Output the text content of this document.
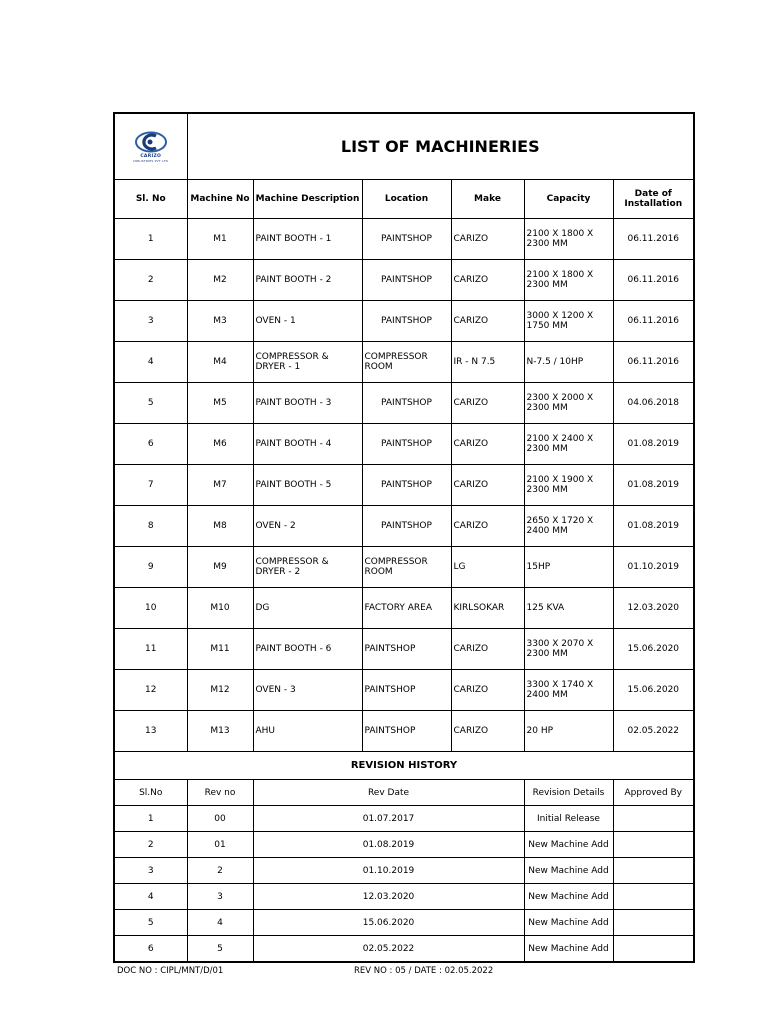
CARIZO
INDUSTRIES PVT LTD	LIST OF MACHINERIES					
Sl. No	Machine No	Machine Description	Location	Make	Capacity	Date of Installation
1	M1	PAINT BOOTH - 1	PAINTSHOP	CARIZO	2100 X 1800 X 2300 MM	06.11.2016
2	M2	PAINT BOOTH - 2	PAINTSHOP	CARIZO	2100 X 1800 X 2300 MM	06.11.2016
3	M3	OVEN - 1	PAINTSHOP	CARIZO	3000 X 1200 X 1750 MM	06.11.2016
4	M4	COMPRESSOR & DRYER - 1	COMPRESSOR ROOM	IR - N 7.5	N-7.5 / 10HP	06.11.2016
5	M5	PAINT BOOTH - 3	PAINTSHOP	CARIZO	2300 X 2000 X 2300 MM	04.06.2018
6	M6	PAINT BOOTH - 4	PAINTSHOP	CARIZO	2100 X 2400 X 2300 MM	01.08.2019
7	M7	PAINT BOOTH - 5	PAINTSHOP	CARIZO	2100 X 1900 X 2300 MM	01.08.2019
8	M8	OVEN - 2	PAINTSHOP	CARIZO	2650 X 1720 X 2400 MM	01.08.2019
9	M9	COMPRESSOR & DRYER - 2	COMPRESSOR ROOM	LG	15HP	01.10.2019
10	M10	DG	FACTORY AREA	KIRLSOKAR	125 KVA	12.03.2020
11	M11	PAINT BOOTH - 6	PAINTSHOP	CARIZO	3300 X 2070 X 2300 MM	15.06.2020
12	M12	OVEN - 3	PAINTSHOP	CARIZO	3300 X 1740 X 2400 MM	15.06.2020
13	M13	AHU	PAINTSHOP	CARIZO	20 HP	02.05.2022
REVISION HISTORY						
Sl.No	Rev no	Rev Date			Revision Details	Approved By
1	00	01.07.2017			Initial Release	
2	01	01.08.2019			New Machine Add	
3	2	01.10.2019			New Machine Add	
4	3	12.03.2020			New Machine Add	
5	4	15.06.2020			New Machine Add	
6	5	02.05.2022			New Machine Add	
DOC NO : CIPL/MNT/D/01	REV NO : 05 / DATE : 02.05.2022
